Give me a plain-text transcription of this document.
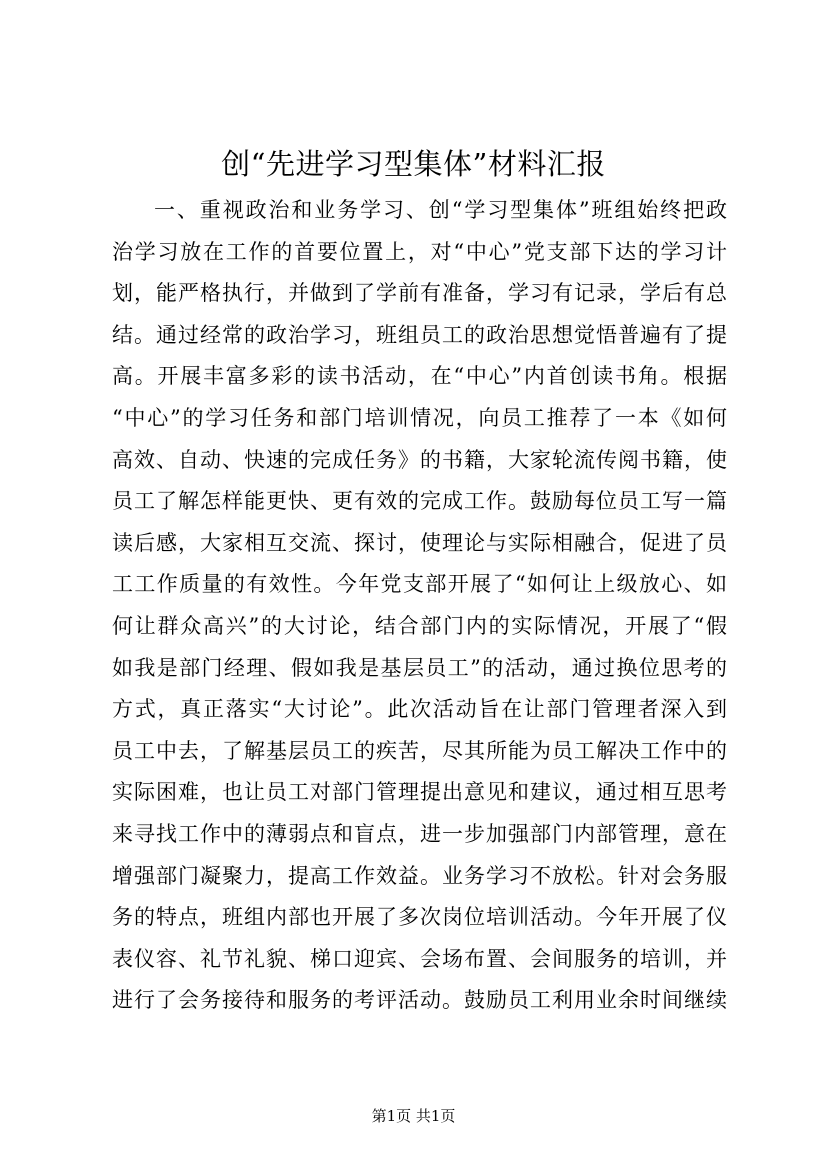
创“先进学习型集体”材料汇报
一、重视政治和业务学习、创“学习型集体”班组始终把政
治学习放在工作的首要位置上，对“中心”党支部下达的学习计
划，能严格执行，并做到了学前有准备，学习有记录，学后有总
结。通过经常的政治学习，班组员工的政治思想觉悟普遍有了提
高。开展丰富多彩的读书活动，在“中心”内首创读书角。根据
“中心”的学习任务和部门培训情况，向员工推荐了一本《如何
高效、自动、快速的完成任务》的书籍，大家轮流传阅书籍，使
员工了解怎样能更快、更有效的完成工作。鼓励每位员工写一篇
读后感，大家相互交流、探讨，使理论与实际相融合，促进了员
工工作质量的有效性。今年党支部开展了“如何让上级放心、如
何让群众高兴”的大讨论，结合部门内的实际情况，开展了“假
如我是部门经理、假如我是基层员工”的活动，通过换位思考的
方式，真正落实“大讨论”。此次活动旨在让部门管理者深入到
员工中去，了解基层员工的疾苦，尽其所能为员工解决工作中的
实际困难，也让员工对部门管理提出意见和建议，通过相互思考
来寻找工作中的薄弱点和盲点，进一步加强部门内部管理，意在
增强部门凝聚力，提高工作效益。业务学习不放松。针对会务服
务的特点，班组内部也开展了多次岗位培训活动。今年开展了仪
表仪容、礼节礼貌、梯口迎宾、会场布置、会间服务的培训，并
进行了会务接待和服务的考评活动。鼓励员工利用业余时间继续
第1页 共1页
